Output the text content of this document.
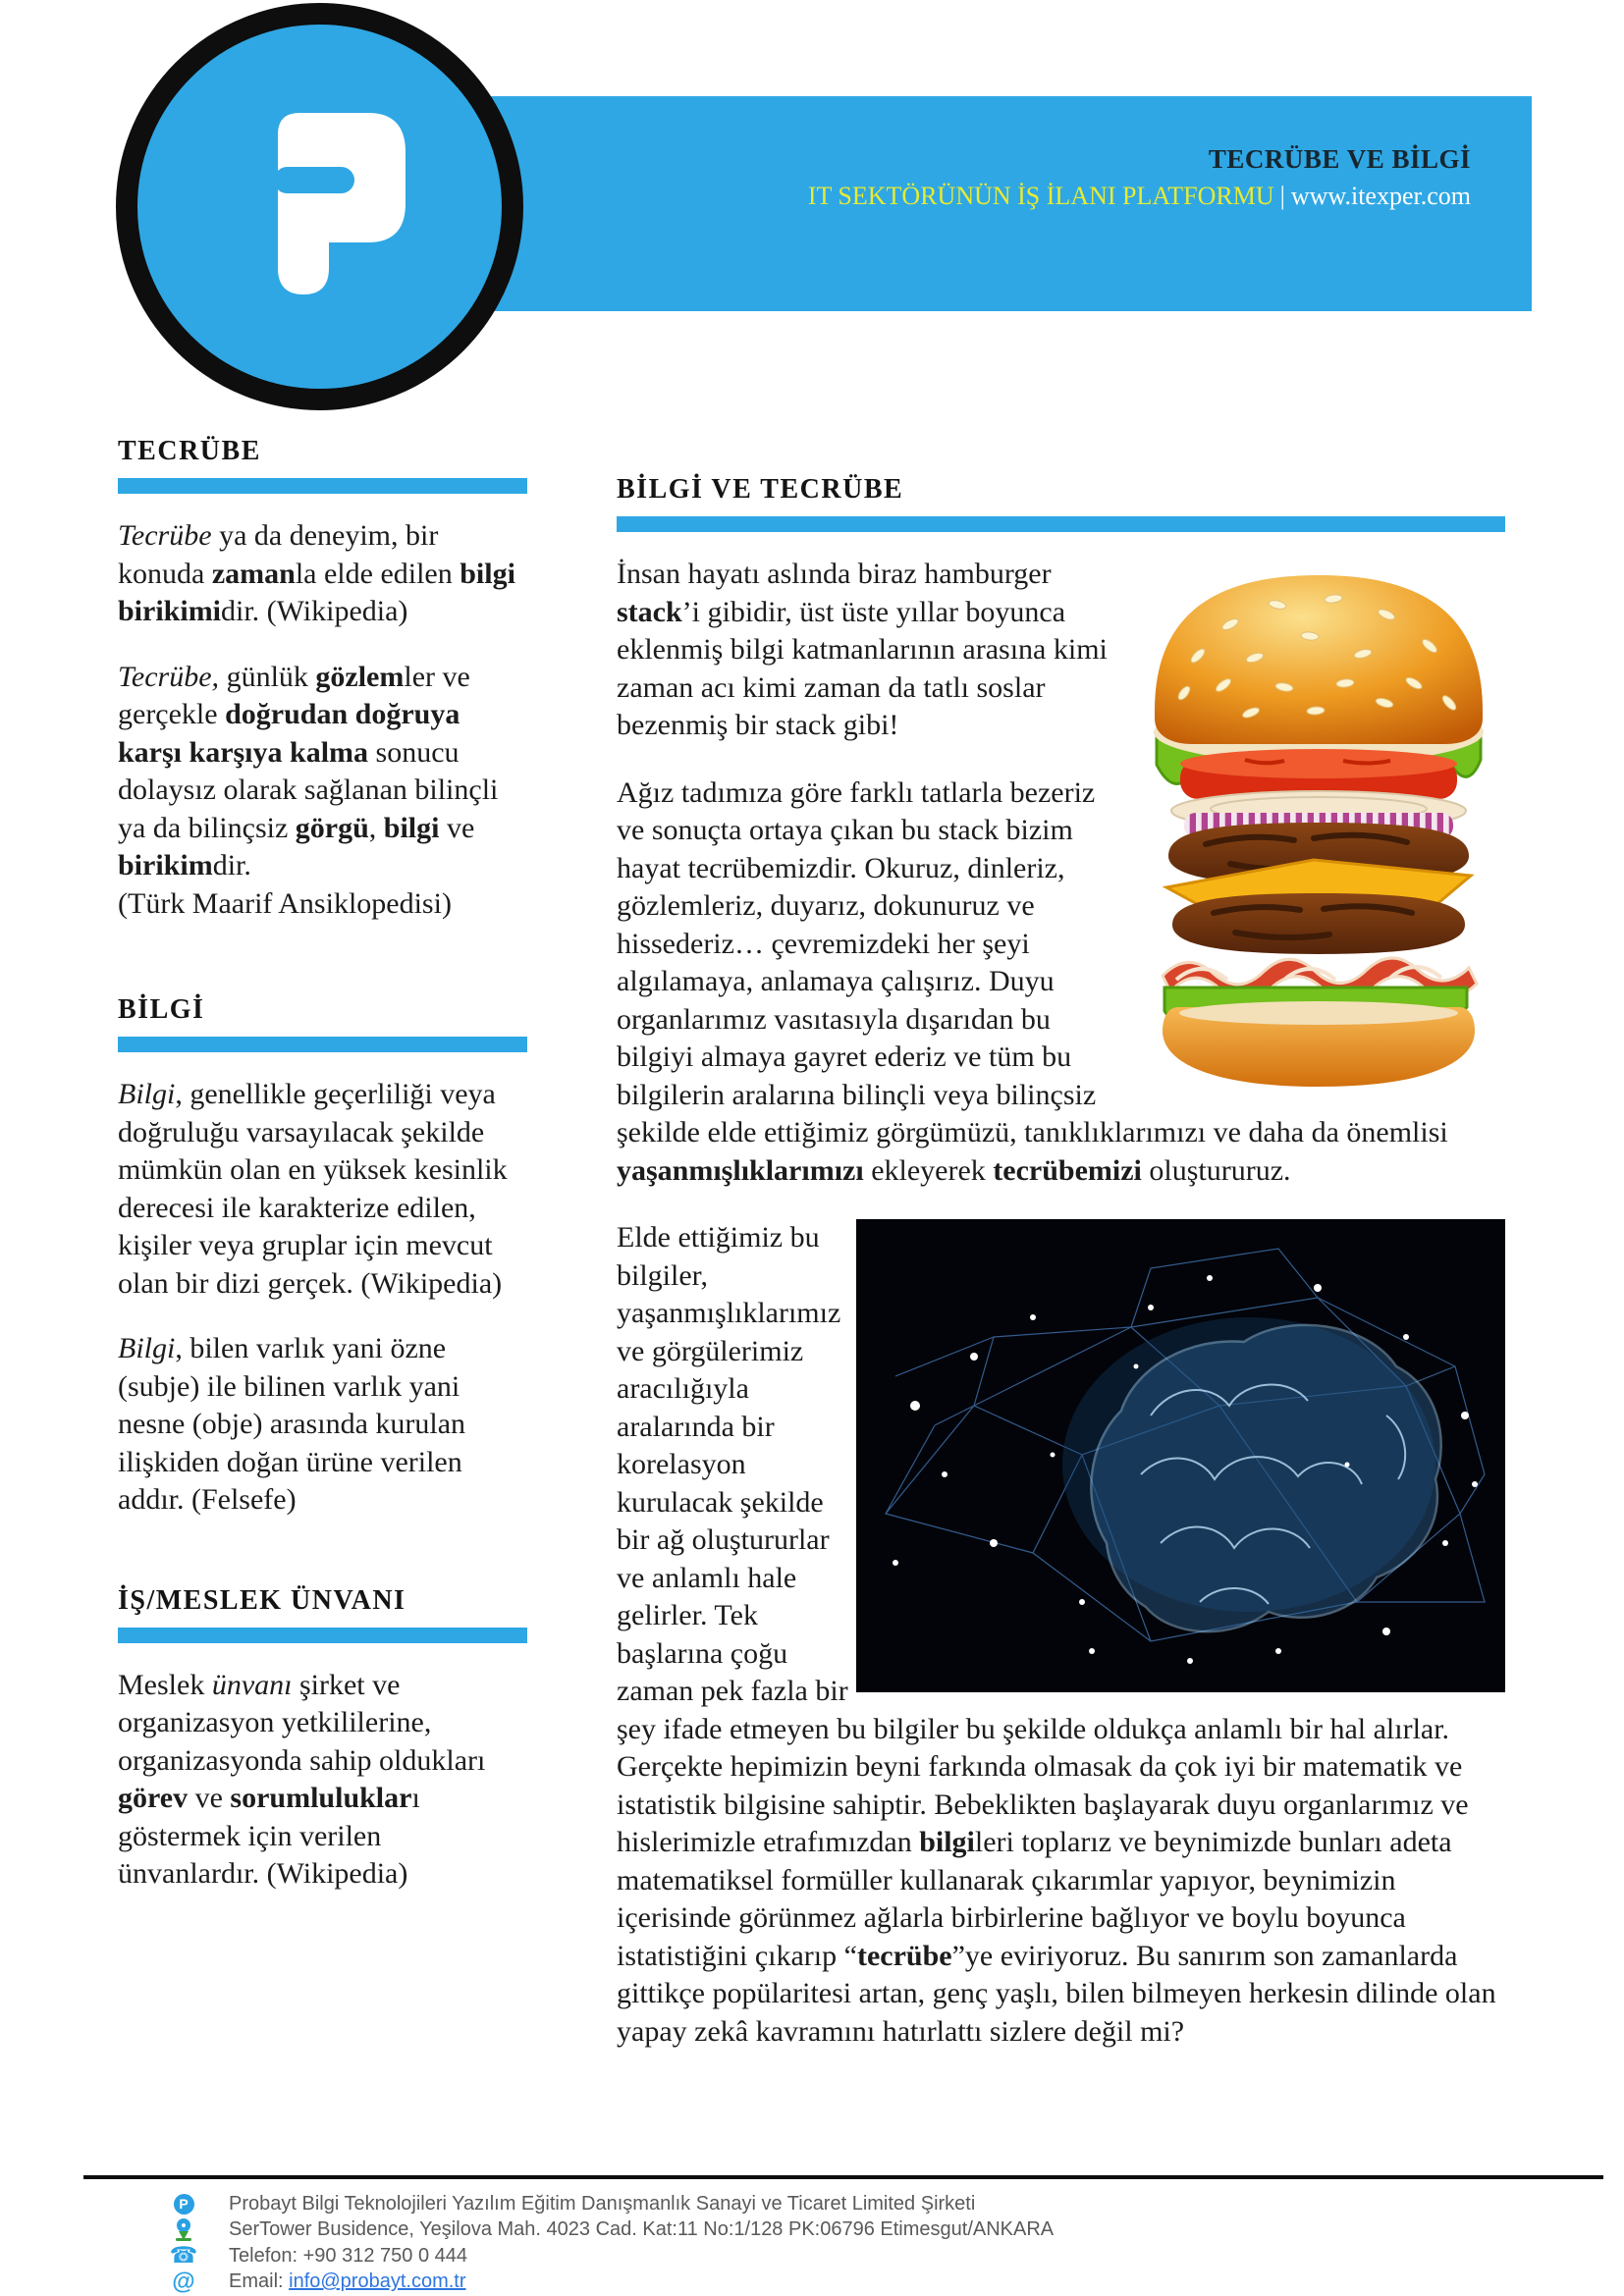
TECRÜBE VE BİLGİ
IT SEKTÖRÜNÜN İŞ İLANI PLATFORMU | www.itexper.com
TECRÜBE

Tecrübe ya da deneyim, bir konuda zamanla elde edilen bilgi birikimidir. (Wikipedia)

Tecrübe, günlük gözlemler ve gerçekle doğrudan doğruya karşı karşıya kalma sonucu dolaysız olarak sağlanan bilinçli ya da bilinçsiz görgü, bilgi ve birikimdir.
(Türk Maarif Ansiklopedisi)

BİLGİ

Bilgi, genellikle geçerliliği veya doğruluğu varsayılacak şekilde mümkün olan en yüksek kesinlik derecesi ile karakterize edilen, kişiler veya gruplar için mevcut olan bir dizi gerçek. (Wikipedia)

Bilgi, bilen varlık yani özne (subje) ile bilinen varlık yani nesne (obje) arasında kurulan ilişkiden doğan ürüne verilen addır. (Felsefe)

İŞ/MESLEK ÜNVANI

Meslek ünvanı şirket ve organizasyon yetkililerine, organizasyonda sahip oldukları görev ve sorumlulukları göstermek için verilen ünvanlardır. (Wikipedia)

BİLGİ VE TECRÜBE

İnsan hayatı aslında biraz hamburger stack’i gibidir, üst üste yıllar boyunca eklenmiş bilgi katmanlarının arasına kimi zaman acı kimi zaman da tatlı soslar bezenmiş bir stack gibi!

Ağız tadımıza göre farklı tatlarla bezeriz ve sonuçta ortaya çıkan bu stack bizim hayat tecrübemizdir. Okuruz, dinleriz, gözlemleriz, duyarız, dokunuruz ve hissederiz… çevremizdeki her şeyi algılamaya, anlamaya çalışırız. Duyu organlarımız vasıtasıyla dışarıdan bu bilgiyi almaya gayret ederiz ve tüm bu bilgilerin aralarına bilinçli veya bilinçsiz şekilde elde ettiğimiz görgümüzü, tanıklıklarımızı ve daha da önemlisi yaşanmışlıklarımızı ekleyerek tecrübemizi oluştururuz.

Elde ettiğimiz bu bilgiler, yaşanmışlıklarımız ve görgülerimiz aracılığıyla aralarında bir korelasyon kurulacak şekilde bir ağ oluştururlar ve anlamlı hale gelirler. Tek başlarına çoğu zaman pek fazla bir şey ifade etmeyen bu bilgiler bu şekilde oldukça anlamlı bir hal alırlar. Gerçekte hepimizin beyni farkında olmasak da çok iyi bir matematik ve istatistik bilgisine sahiptir. Bebeklikten başlayarak duyu organlarımız ve hislerimizle etrafımızdan bilgileri toplarız ve beynimizde bunları adeta matematiksel formüller kullanarak çıkarımlar yapıyor, beynimizin içerisinde görünmez ağlarla birbirlerine bağlıyor ve boylu boyunca istatistiğini çıkarıp “tecrübe”ye eviriyoruz. Bu sanırım son zamanlarda gittikçe popülaritesi artan, genç yaşlı, bilen bilmeyen herkesin dilinde olan yapay zekâ kavramını hatırlattı sizlere değil mi?

P Probayt Bilgi Teknolojileri Yazılım Eğitim Danışmanlık Sanayi ve Ticaret Limited Şirketi
SerTower Busidence, Yeşilova Mah. 4023 Cad. Kat:11 No:1/128 PK:06796 Etimesgut/ANKARA
☎ Telefon: +90 312 750 0 444
@ Email: info@probayt.com.tr
